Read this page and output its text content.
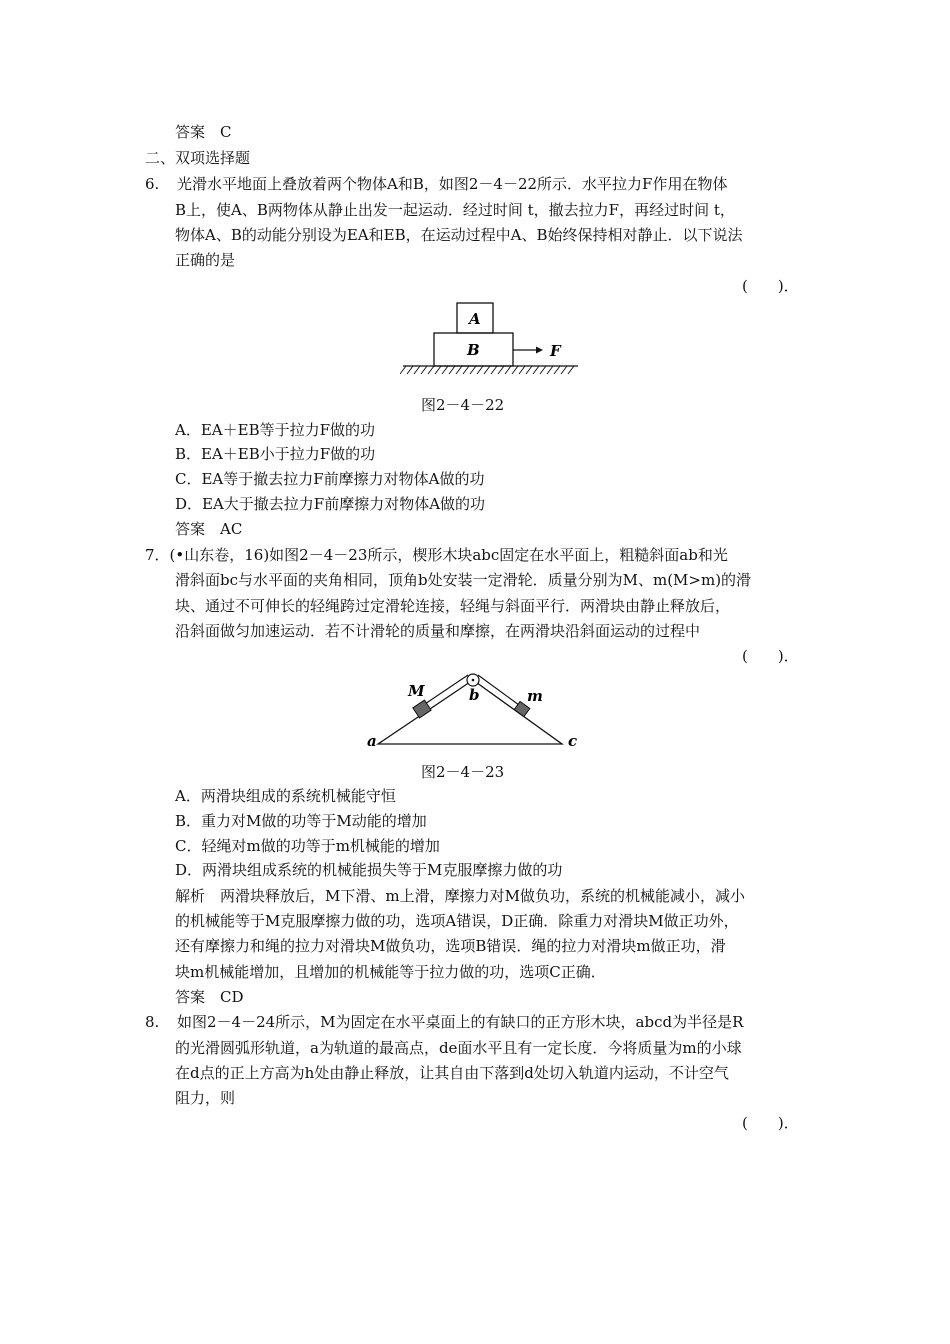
答案　C
二、双项选择题
6. 光滑水平地面上叠放着两个物体A和B，如图2－4－22所示．水平拉力F作用在物体
B上，使A、B两物体从静止出发一起运动．经过时间 t，撤去拉力F，再经过时间 t，
物体A、B的动能分别设为EA和EB，在运动过程中A、B始终保持相对静止．以下说法
正确的是
(　　)．
A
B	F
图2－4－22
A．EA＋EB等于拉力F做的功
B．EA＋EB小于拉力F做的功
C．EA等于撤去拉力F前摩擦力对物体A做的功
D．EA大于撤去拉力F前摩擦力对物体A做的功
答案　AC
7．(•山东卷，16)如图2－4－23所示，楔形木块abc固定在水平面上，粗糙斜面ab和光
滑斜面bc与水平面的夹角相同，顶角b处安装一定滑轮．质量分别为M、m(M>m)的滑
块、通过不可伸长的轻绳跨过定滑轮连接，轻绳与斜面平行．两滑块由静止释放后，
沿斜面做匀加速运动．若不计滑轮的质量和摩擦，在两滑块沿斜面运动的过程中
(　　)．
M	b	m
a	c
图2－4－23
A．两滑块组成的系统机械能守恒
B．重力对M做的功等于M动能的增加
C．轻绳对m做的功等于m机械能的增加
D．两滑块组成系统的机械能损失等于M克服摩擦力做的功
解析　两滑块释放后，M下滑、m上滑，摩擦力对M做负功，系统的机械能减小，减小
的机械能等于M克服摩擦力做的功，选项A错误，D正确．除重力对滑块M做正功外，
还有摩擦力和绳的拉力对滑块M做负功，选项B错误．绳的拉力对滑块m做正功，滑
块m机械能增加，且增加的机械能等于拉力做的功，选项C正确．
答案　CD
8. 如图2－4－24所示，M为固定在水平桌面上的有缺口的正方形木块，abcd为半径是R
的光滑圆弧形轨道，a为轨道的最高点，de面水平且有一定长度．今将质量为m的小球
在d点的正上方高为h处由静止释放，让其自由下落到d处切入轨道内运动，不计空气
阻力，则
(　　)．
